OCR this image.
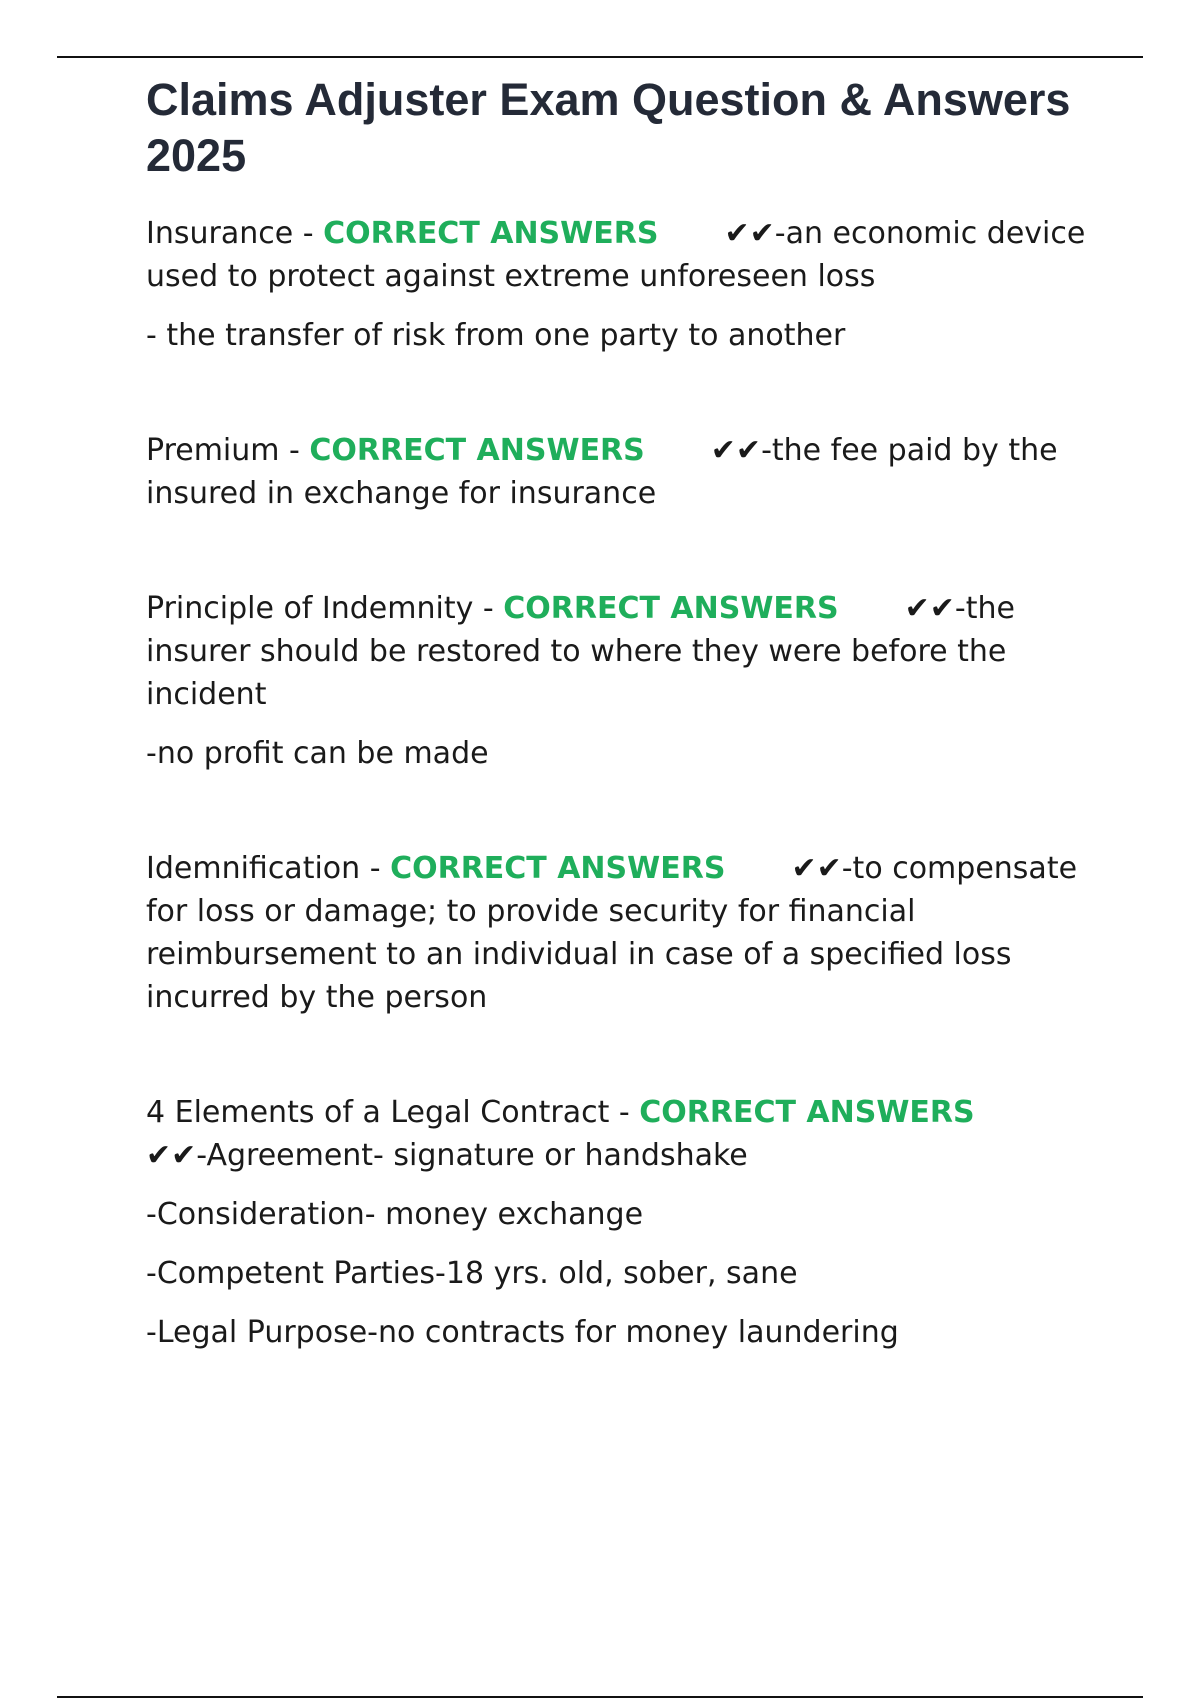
Claims Adjuster Exam Question & Answers 2025

Insurance - CORRECT ANSWERS ✔✔-an economic device used to protect against extreme unforeseen loss

- the transfer of risk from one party to another

Premium - CORRECT ANSWERS ✔✔-the fee paid by the insured in exchange for insurance

Principle of Indemnity - CORRECT ANSWERS ✔✔-the insurer should be restored to where they were before the incident

-no profit can be made

Idemnification - CORRECT ANSWERS ✔✔-to compensate for loss or damage; to provide security for financial reimbursement to an individual in case of a specified loss incurred by the person

4 Elements of a Legal Contract - CORRECT ANSWERS
✔✔-Agreement- signature or handshake

-Consideration- money exchange

-Competent Parties-18 yrs. old, sober, sane

-Legal Purpose-no contracts for money laundering
